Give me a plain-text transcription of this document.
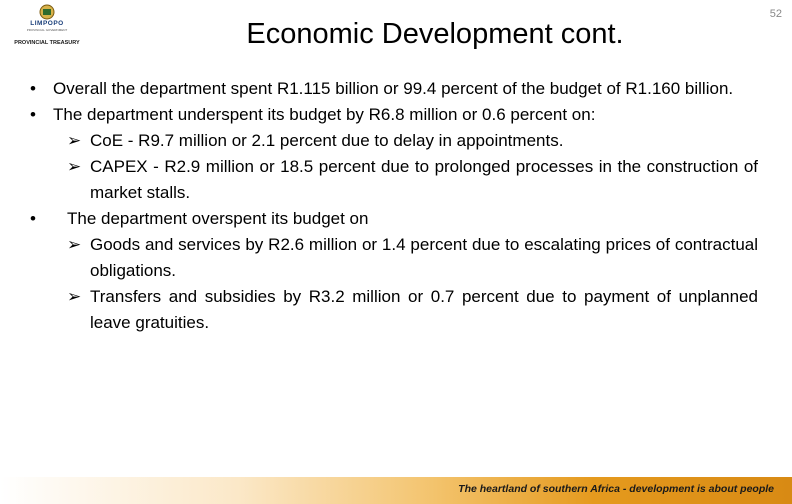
LIMPOPO
PROVINCIAL GOVERNMENT
PROVINCIAL TREASURY	Economic Development cont.
52
• Overall the department spent R1.115 billion or 99.4 percent of the budget of R1.160 billion.
• The department underspent its budget by R6.8 million or 0.6 percent on:
➢ CoE - R9.7 million or 2.1 percent due to delay in appointments.
➢ CAPEX - R2.9 million or 18.5 percent due to prolonged processes in the construction of market stalls.
• The department overspent its budget on
➢ Goods and services by R2.6 million or 1.4 percent due to escalating prices of contractual obligations.
➢ Transfers and subsidies by R3.2 million or 0.7 percent due to payment of unplanned leave gratuities.
The heartland of southern Africa - development is about people
